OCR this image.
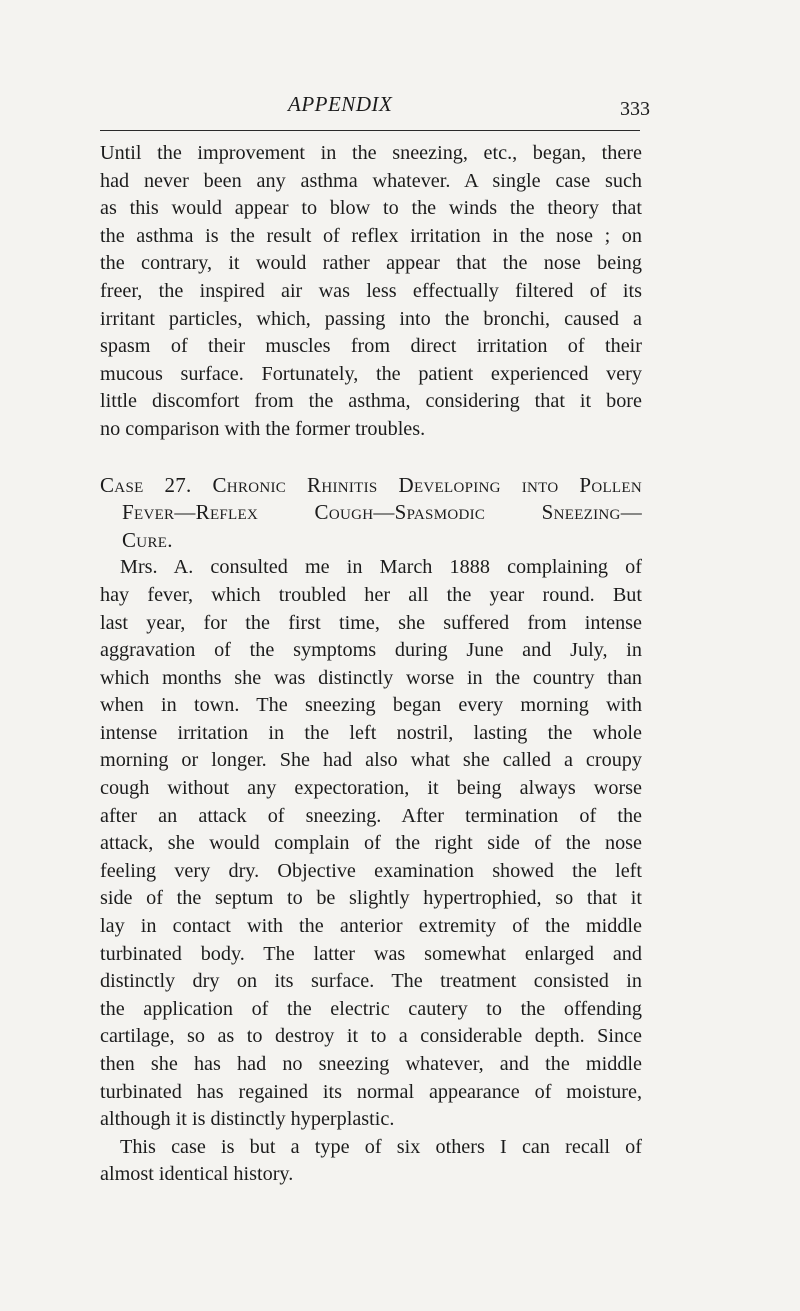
APPENDIX	333
Until the improvement in the sneezing, etc., began, there
had never been any asthma whatever. A single case such
as this would appear to blow to the winds the theory that
the asthma is the result of reflex irritation in the nose ; on
the contrary, it would rather appear that the nose being
freer, the inspired air was less effectually filtered of its
irritant particles, which, passing into the bronchi, caused a
spasm of their muscles from direct irritation of their
mucous surface. Fortunately, the patient experienced very
little discomfort from the asthma, considering that it bore
no comparison with the former troubles.
Case 27. Chronic Rhinitis Developing into Pollen
Fever—Reflex Cough—Spasmodic Sneezing—
Cure.
Mrs. A. consulted me in March 1888 complaining of
hay fever, which troubled her all the year round. But
last year, for the first time, she suffered from intense
aggravation of the symptoms during June and July, in
which months she was distinctly worse in the country than
when in town. The sneezing began every morning with
intense irritation in the left nostril, lasting the whole
morning or longer. She had also what she called a croupy
cough without any expectoration, it being always worse
after an attack of sneezing. After termination of the
attack, she would complain of the right side of the nose
feeling very dry. Objective examination showed the left
side of the septum to be slightly hypertrophied, so that it
lay in contact with the anterior extremity of the middle
turbinated body. The latter was somewhat enlarged and
distinctly dry on its surface. The treatment consisted in
the application of the electric cautery to the offending
cartilage, so as to destroy it to a considerable depth. Since
then she has had no sneezing whatever, and the middle
turbinated has regained its normal appearance of moisture,
although it is distinctly hyperplastic.
This case is but a type of six others I can recall of
almost identical history.
